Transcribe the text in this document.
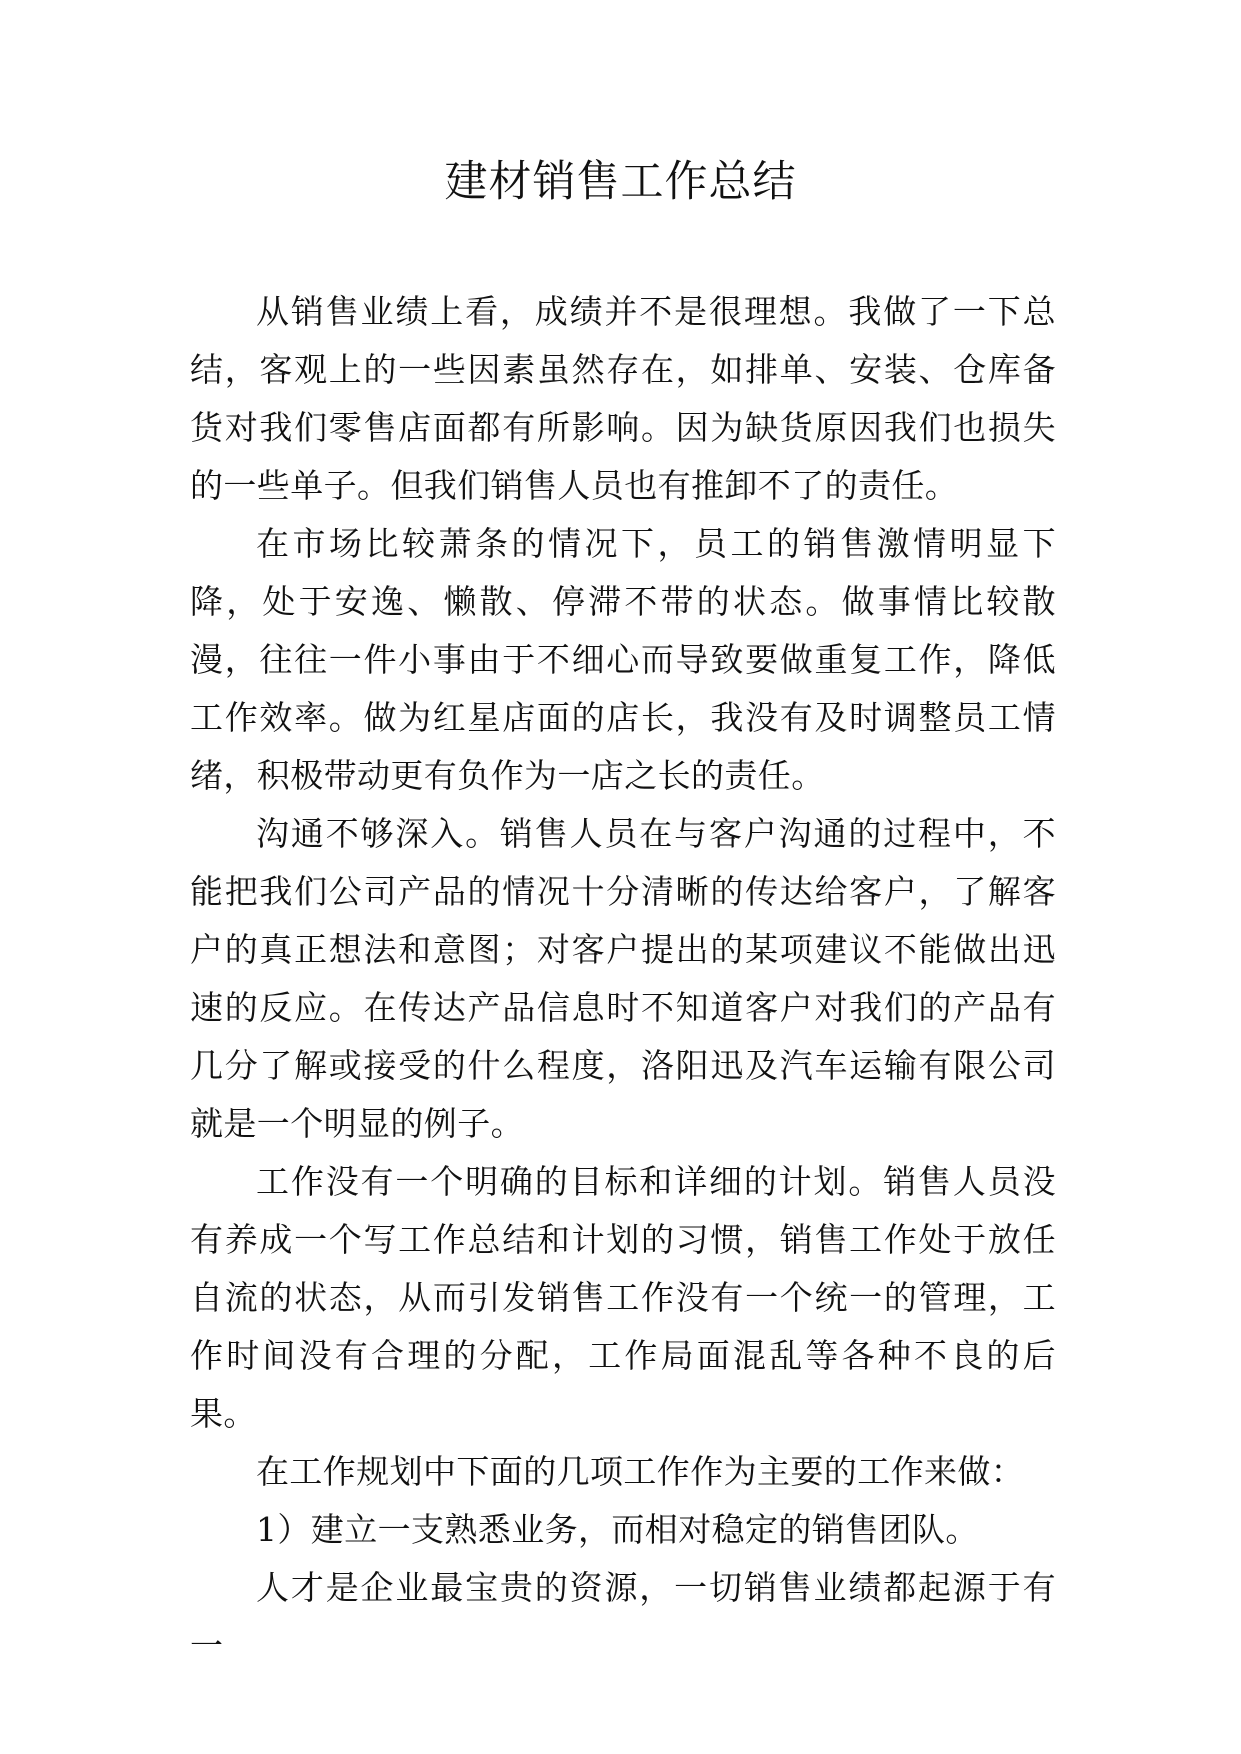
建材销售工作总结

从销售业绩上看，成绩并不是很理想。我做了一下总结，客观上的一些因素虽然存在，如排单、安装、仓库备货对我们零售店面都有所影响。因为缺货原因我们也损失的一些单子。但我们销售人员也有推卸不了的责任。

在市场比较萧条的情况下，员工的销售激情明显下降，处于安逸、懒散、停滞不带的状态。做事情比较散漫，往往一件小事由于不细心而导致要做重复工作，降低工作效率。做为红星店面的店长，我没有及时调整员工情绪，积极带动更有负作为一店之长的责任。

沟通不够深入。销售人员在与客户沟通的过程中，不能把我们公司产品的情况十分清晰的传达给客户，了解客户的真正想法和意图；对客户提出的某项建议不能做出迅速的反应。在传达产品信息时不知道客户对我们的产品有几分了解或接受的什么程度，洛阳迅及汽车运输有限公司就是一个明显的例子。

工作没有一个明确的目标和详细的计划。销售人员没有养成一个写工作总结和计划的习惯，销售工作处于放任自流的状态，从而引发销售工作没有一个统一的管理，工作时间没有合理的分配，工作局面混乱等各种不良的后果。

在工作规划中下面的几项工作作为主要的工作来做：

1）建立一支熟悉业务，而相对稳定的销售团队。

人才是企业最宝贵的资源，一切销售业绩都起源于有一
